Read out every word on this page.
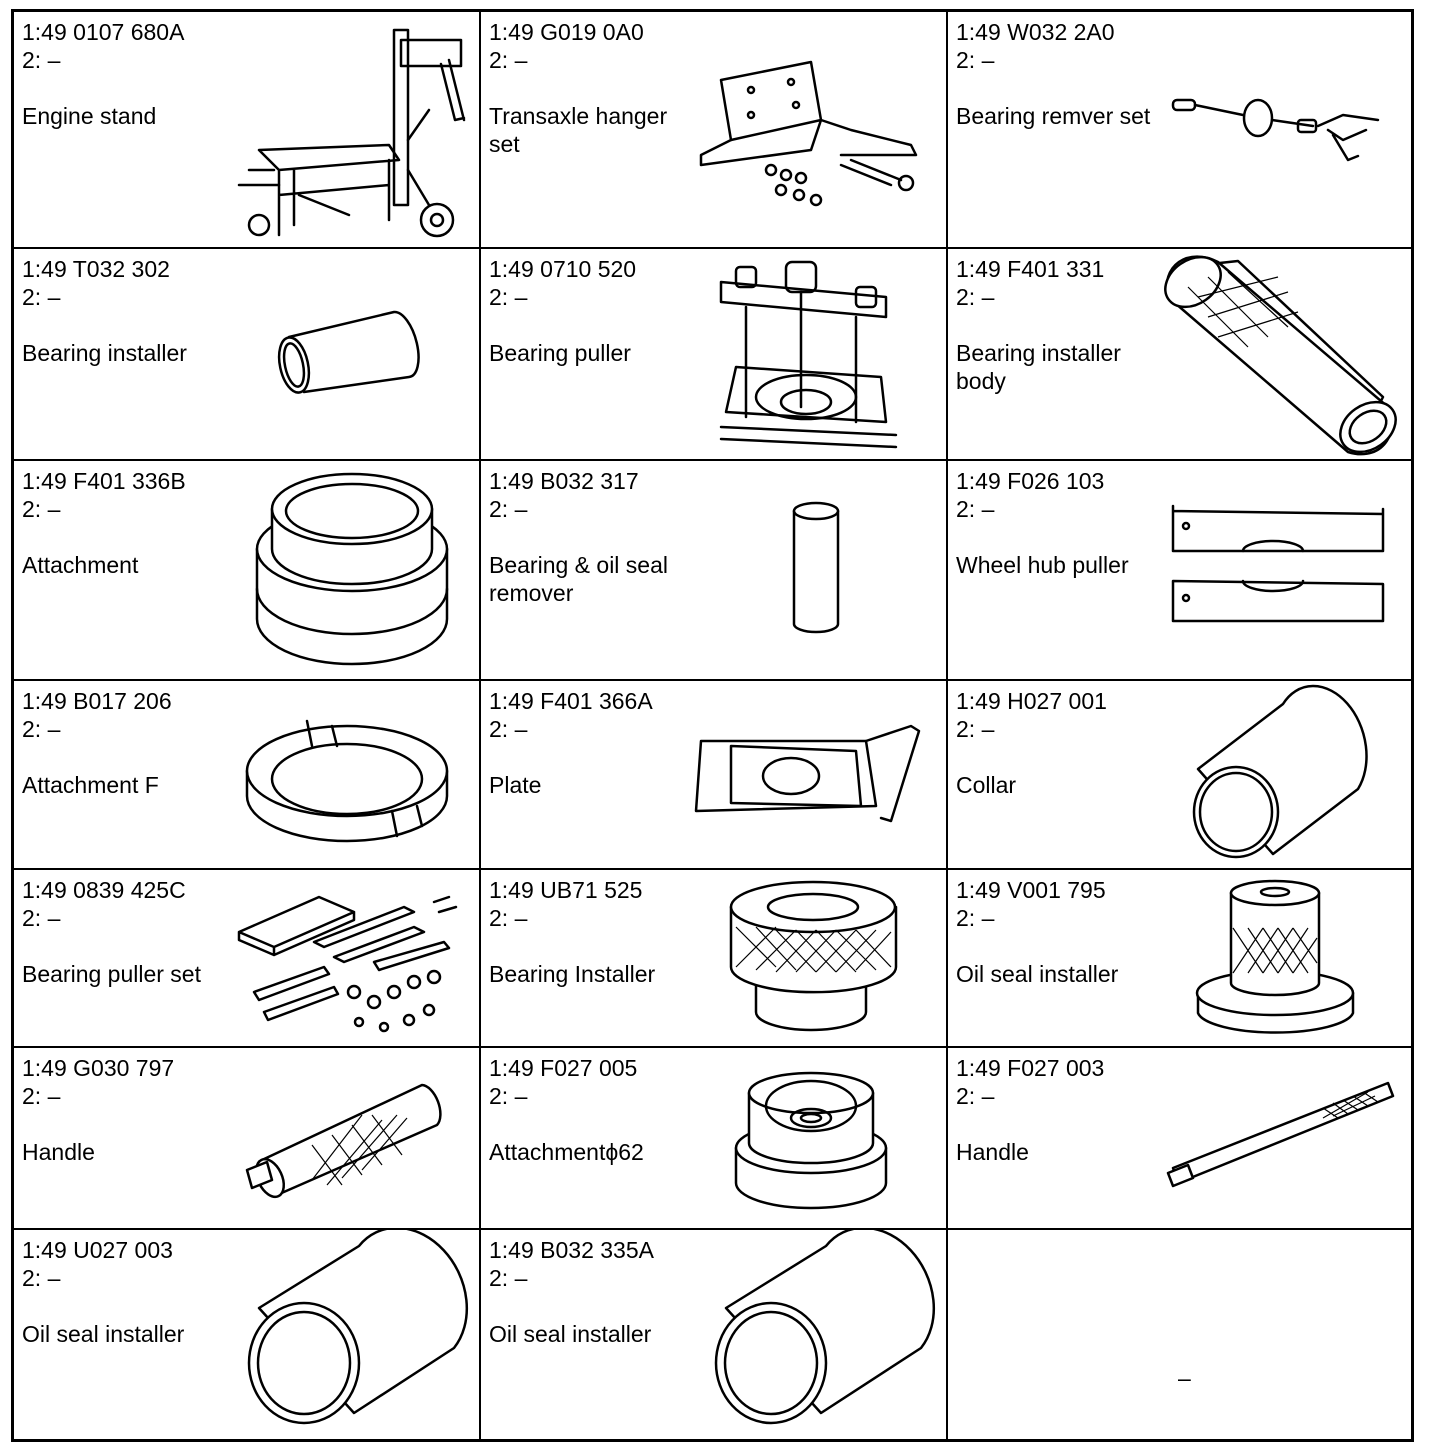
1:49 0107 680A
2: –
Engine stand
1:49 G019 0A0
2: –
Transaxle hanger set
1:49 W032 2A0
2: –
Bearing remver set
1:49 T032 302
2: –
Bearing installer
1:49 0710 520
2: –
Bearing puller
1:49 F401 331
2: –
Bearing installer body
1:49 F401 336B
2: –
Attachment
1:49 B032 317
2: –
Bearing & oil seal remover
1:49 F026 103
2: –
Wheel hub puller
1:49 B017 206
2: –
Attachment F
1:49 F401 366A
2: –
Plate
1:49 H027 001
2: –
Collar
1:49 0839 425C
2: –
Bearing puller set
1:49 UB71 525
2: –
Bearing Installer
1:49 V001 795
2: –
Oil seal installer
1:49 G030 797
2: –
Handle
1:49 F027 005
2: –
Attachmentϕ62
1:49 F027 003
2: –
Handle
1:49 U027 003
2: –
Oil seal installer
1:49 B032 335A
2: –
Oil seal installer
–
